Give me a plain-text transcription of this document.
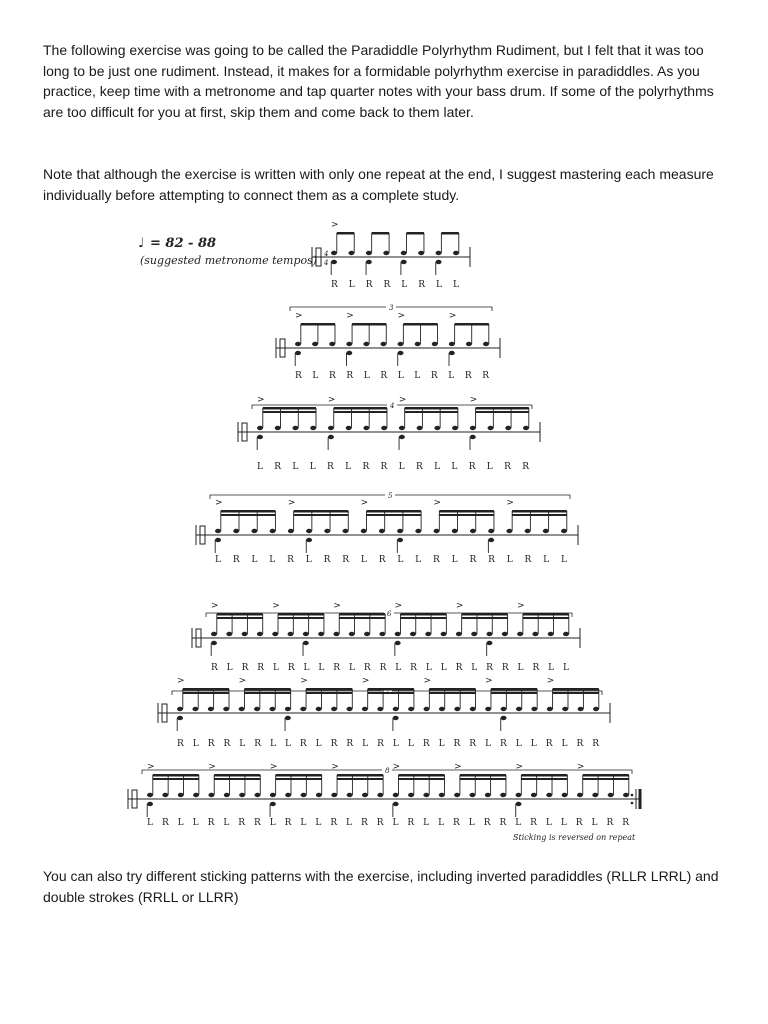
The following exercise was going to be called the Paradiddle Polyrhythm Rudiment, but I felt that it was too long to be just one rudiment. Instead, it makes for a formidable polyrhythm exercise in paradiddles. As you practice, keep time with a metronome and tap quarter notes with your bass drum. If some of the polyrhythms are too difficult for you at first, skip them and come back to them later.

Note that although the exercise is written with only one repeat at the end, I suggest mastering each measure individually before attempting to connect them as a complete study.

♩ = 82 - 88
(suggested metronome tempos) 4
4
>
R L R R L R L L
>	>	>	>
3
R L R R L R L L R L R R
>	>	>	>
4
L R L L R L R R L R L L R L R R
>	>	>	>	>
5
L R L L R L R R L R L L R L R R L R L L
>	>	>	>	>	>
6
R L R R L R L L R L R R L R L L R L R R L R L L
>	>	>	>	>	>	>
7
R L R R L R L L R L R R L R L L R L R R L R L L R L R R
>	>	>	>	>	>	>	>
8
L R L L R L R R L R L L R L R R L R L L R L R R L R L L R L R R
Sticking is reversed on repeat

You can also try different sticking patterns with the exercise, including inverted paradiddles (RLLR LRRL) and double strokes (RRLL or LLRR)
